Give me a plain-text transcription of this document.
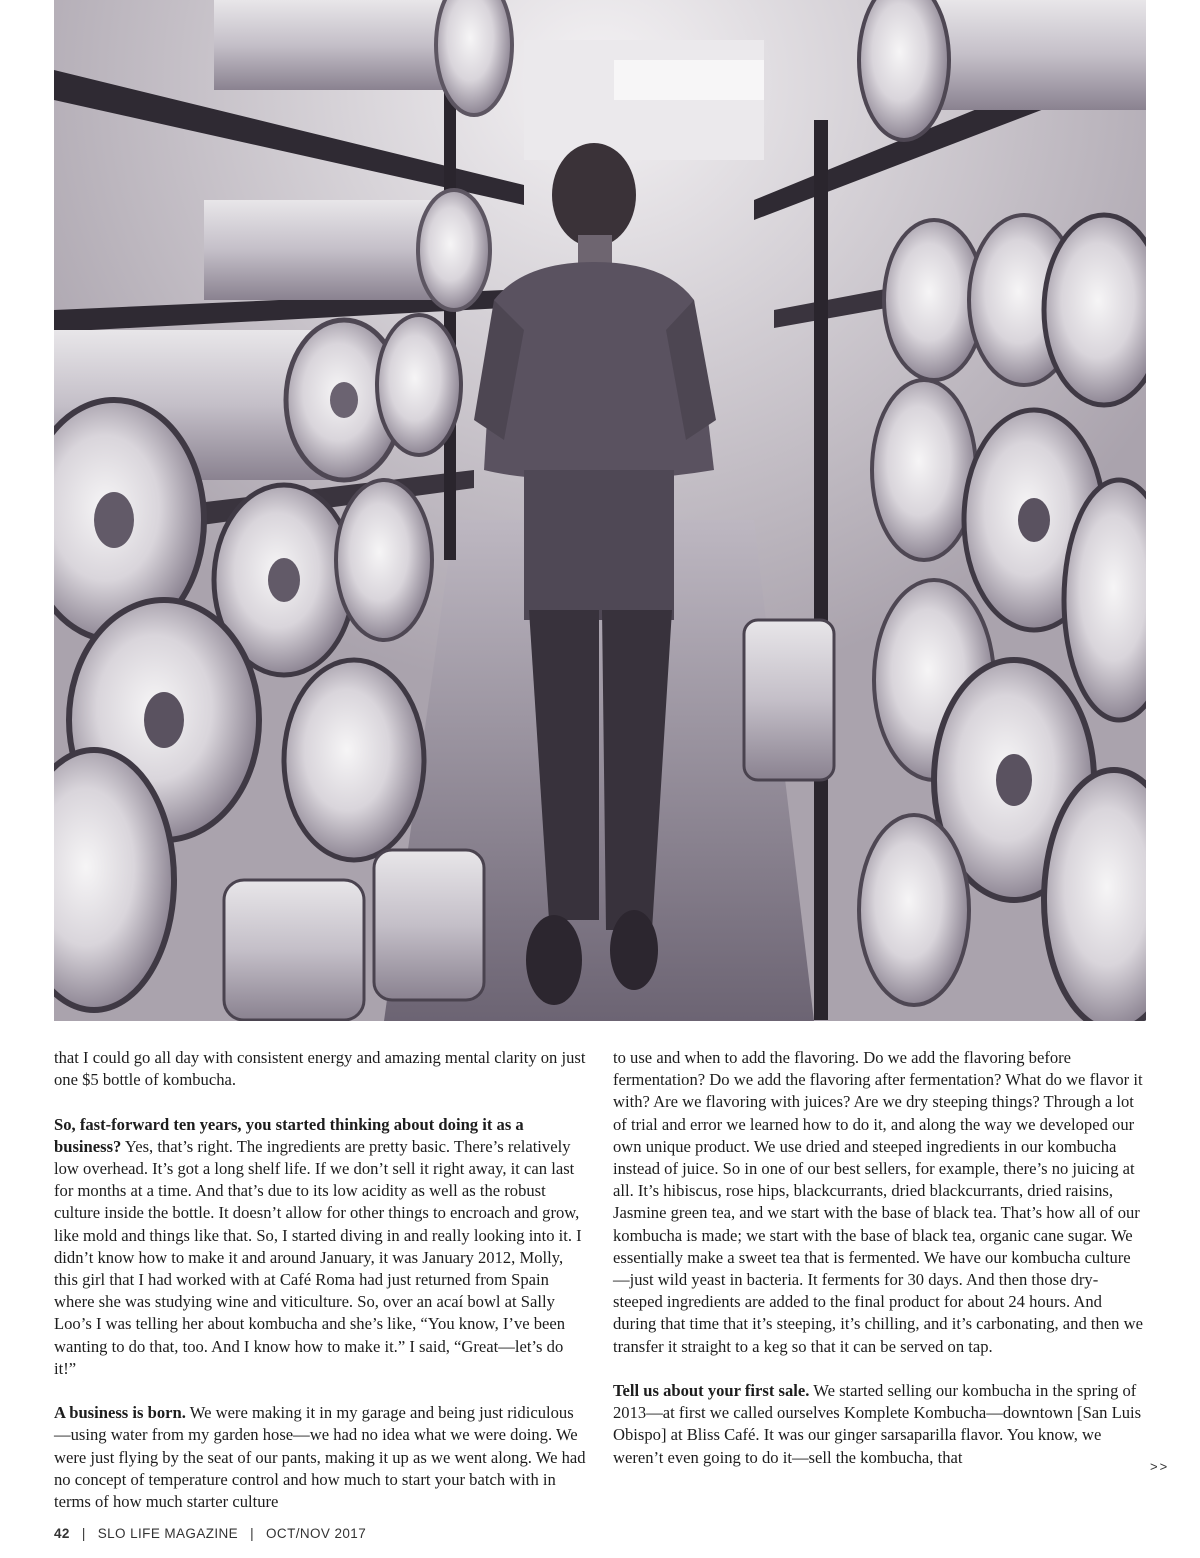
that I could go all day with consistent energy and amazing mental clarity on just one $5 bottle of kombucha.

So, fast-forward ten years, you started thinking about doing it as a business? Yes, that’s right. The ingredients are pretty basic. There’s relatively low overhead. It’s got a long shelf life. If we don’t sell it right away, it can last for months at a time. And that’s due to its low acidity as well as the robust culture inside the bottle. It doesn’t allow for other things to encroach and grow, like mold and things like that. So, I started diving in and really looking into it. I didn’t know how to make it and around January, it was January 2012, Molly, this girl that I had worked with at Café Roma had just returned from Spain where she was studying wine and viticulture. So, over an acaí bowl at Sally Loo’s I was telling her about kombucha and she’s like, “You know, I’ve been wanting to do that, too. And I know how to make it.” I said, “Great—let’s do it!”

A business is born. We were making it in my garage and being just ridiculous—using water from my garden hose—we had no idea what we were doing. We were just flying by the seat of our pants, making it up as we went along. We had no concept of temperature control and how much to start your batch with in terms of how much starter culture

to use and when to add the flavoring. Do we add the flavoring before fermentation? Do we add the flavoring after fermentation? What do we flavor it with? Are we flavoring with juices? Are we dry steeping things? Through a lot of trial and error we learned how to do it, and along the way we developed our own unique product. We use dried and steeped ingredients in our kombucha instead of juice. So in one of our best sellers, for example, there’s no juicing at all. It’s hibiscus, rose hips, blackcurrants, dried blackcurrants, dried raisins, Jasmine green tea, and we start with the base of black tea. That’s how all of our kombucha is made; we start with the base of black tea, organic cane sugar. We essentially make a sweet tea that is fermented. We have our kombucha culture—just wild yeast in bacteria. It ferments for 30 days. And then those dry-steeped ingredients are added to the final product for about 24 hours. And during that time that it’s steeping, it’s chilling, and it’s carbonating, and then we transfer it straight to a keg so that it can be served on tap.

Tell us about your first sale. We started selling our kombucha in the spring of 2013—at first we called ourselves Komplete Kombucha—downtown [San Luis Obispo] at Bliss Café. It was our ginger sarsaparilla flavor. You know, we weren’t even going to do it—sell the kombucha, that	>>
42 | SLO LIFE MAGAZINE | OCT/NOV 2017
